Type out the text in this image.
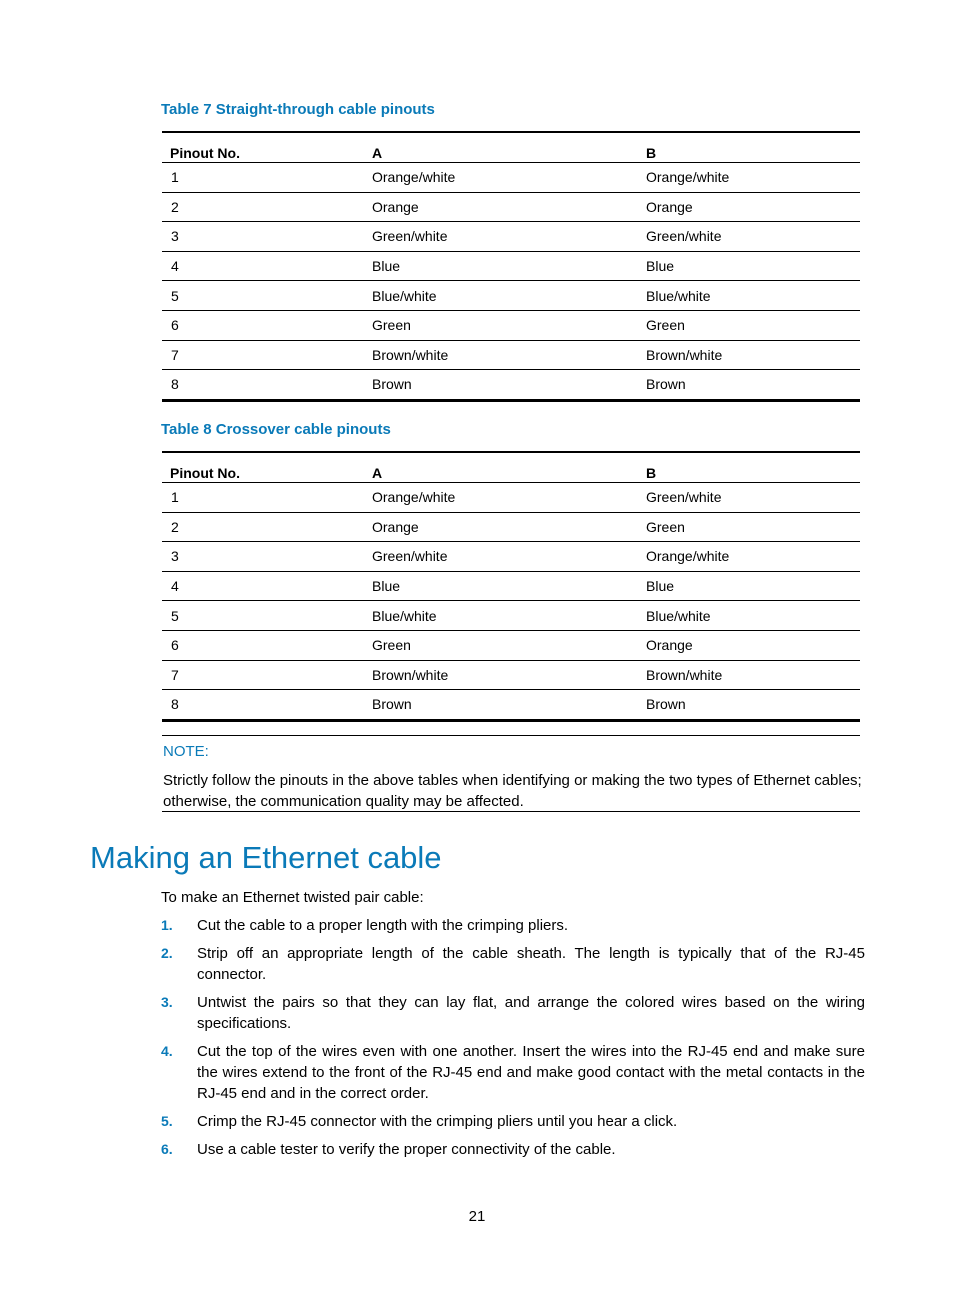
Table 7 Straight-through cable pinouts
Pinout No.	A	B
1	Orange/white	Orange/white
2	Orange	Orange
3	Green/white	Green/white
4	Blue	Blue
5	Blue/white	Blue/white
6	Green	Green
7	Brown/white	Brown/white
8	Brown	Brown
Table 8 Crossover cable pinouts
Pinout No.	A	B
1	Orange/white	Green/white
2	Orange	Green
3	Green/white	Orange/white
4	Blue	Blue
5	Blue/white	Blue/white
6	Green	Orange
7	Brown/white	Brown/white
8	Brown	Brown
NOTE:
Strictly follow the pinouts in the above tables when identifying or making the two types of Ethernet cables; otherwise, the communication quality may be affected.
Making an Ethernet cable
To make an Ethernet twisted pair cable:
1. Cut the cable to a proper length with the crimping pliers.
2. Strip off an appropriate length of the cable sheath. The length is typically that of the RJ-45 connector.
3. Untwist the pairs so that they can lay flat, and arrange the colored wires based on the wiring specifications.
4. Cut the top of the wires even with one another. Insert the wires into the RJ-45 end and make sure the wires extend to the front of the RJ-45 end and make good contact with the metal contacts in the RJ-45 end and in the correct order.
5. Crimp the RJ-45 connector with the crimping pliers until you hear a click.
6. Use a cable tester to verify the proper connectivity of the cable.
21
